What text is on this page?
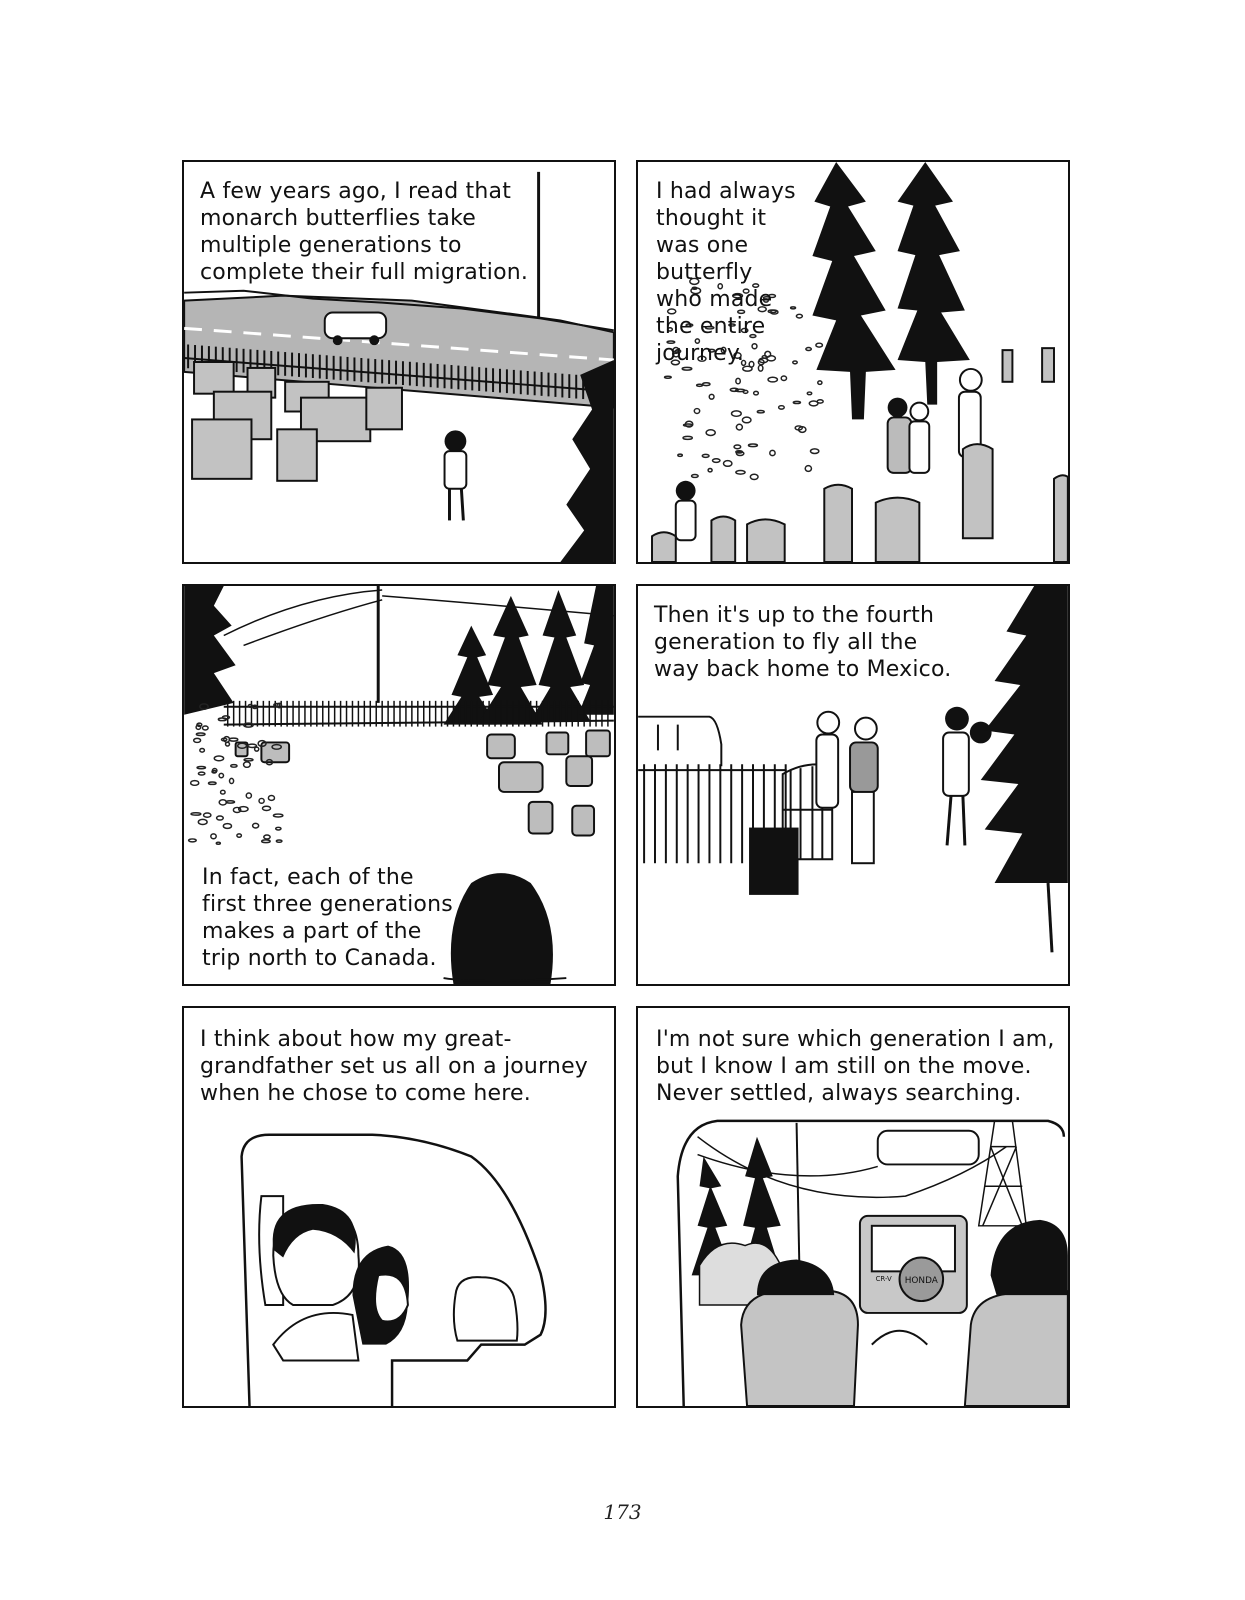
A few years ago, I read that
monarch butterflies take
multiple generations to
complete their full migration.
I had always
thought it
was one
butterfly
who made
the entire
journey.
In fact, each of the
first three generations
makes a part of the
trip north to Canada.
Then it's up to the fourth
generation to fly all the
way back home to Mexico.
I think about how my great-
grandfather set us all on a journey
when he chose to come here.
HONDA
CR-V
I'm not sure which generation I am,
but I know I am still on the move.
Never settled, always searching.
173
